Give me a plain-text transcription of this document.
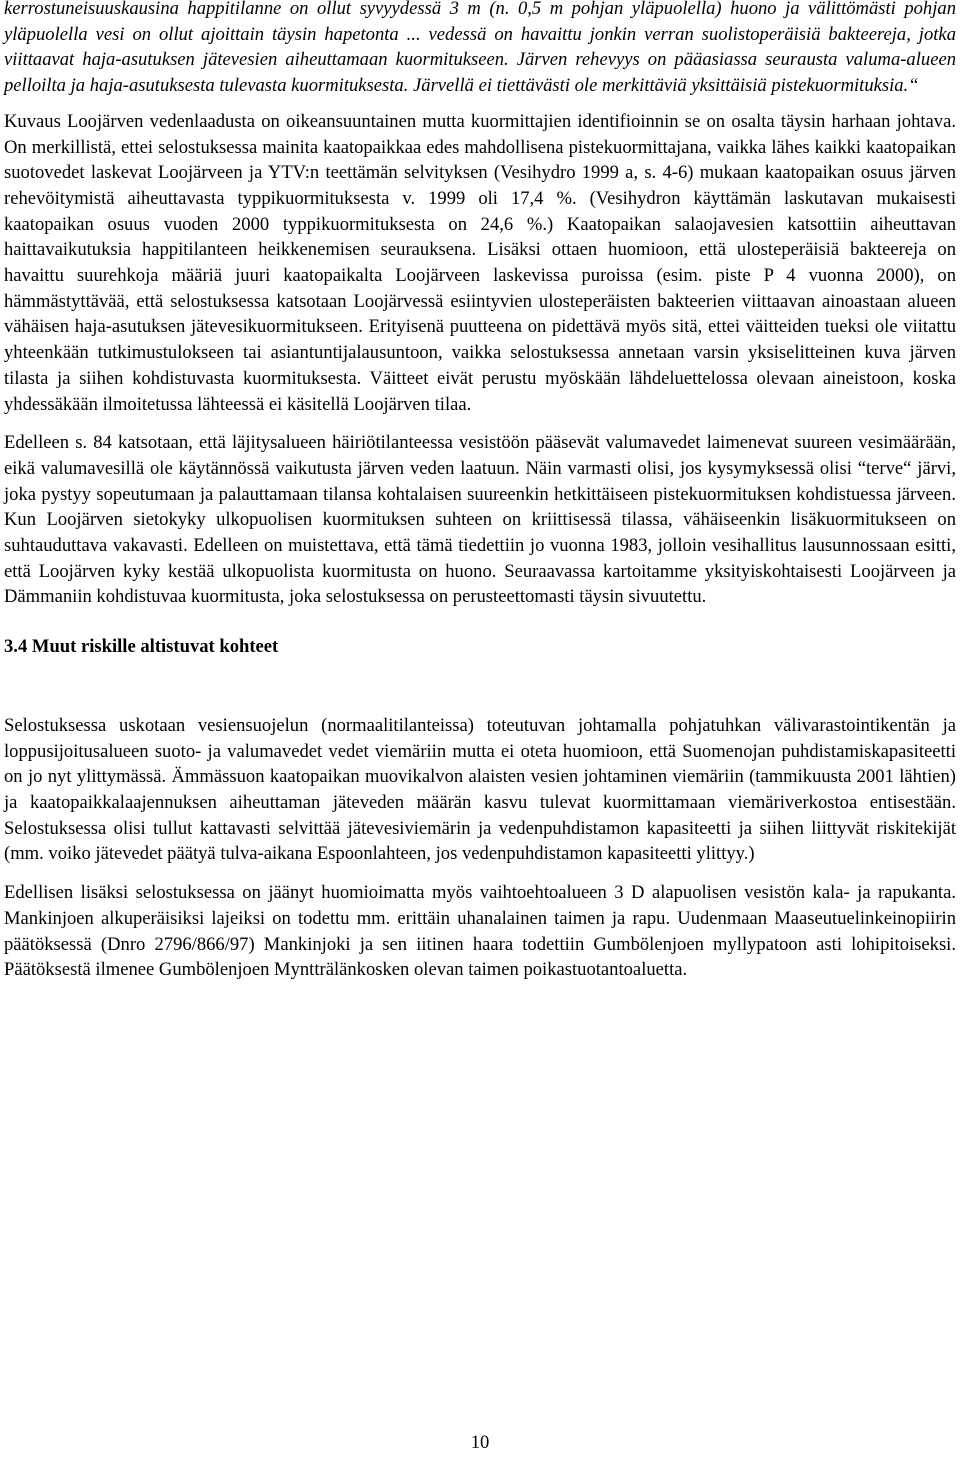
kerrostuneisuuskausina happitilanne on ollut syvyydessä 3 m (n. 0,5 m pohjan yläpuolella) huono ja välittömästi pohjan yläpuolella vesi on ollut ajoittain täysin hapetonta ... vedessä on havaittu jonkin verran suolistoperäisiä bakteereja, jotka viittaavat haja-asutuksen jätevesien aiheuttamaan kuormitukseen. Järven rehevyys on pääasiassa seurausta valuma-alueen pelloilta ja haja-asutuksesta tulevasta kuormituksesta. Järvellä ei tiettävästi ole merkittäviä yksittäisiä pistekuormituksia.“

Kuvaus Loojärven vedenlaadusta on oikeansuuntainen mutta kuormittajien identifioinnin se on osalta täysin harhaan johtava. On merkillistä, ettei selostuksessa mainita kaatopaikkaa edes mahdollisena pistekuormittajana, vaikka lähes kaikki kaatopaikan suotovedet laskevat Loojärveen ja YTV:n teettämän selvityksen (Vesihydro 1999 a, s. 4-6) mukaan kaatopaikan osuus järven rehevöitymistä aiheuttavasta typpikuormituksesta v. 1999 oli 17,4 %. (Vesihydron käyttämän laskutavan mukaisesti kaatopaikan osuus vuoden 2000 typpikuormituksesta on 24,6 %.) Kaatopaikan salaojavesien katsottiin aiheuttavan haittavaikutuksia happitilanteen heikkenemisen seurauksena. Lisäksi ottaen huomioon, että ulosteperäisiä bakteereja on havaittu suurehkoja määriä juuri kaatopaikalta Loojärveen laskevissa puroissa (esim. piste P 4 vuonna 2000), on hämmästyttävää, että selostuksessa katsotaan Loojärvessä esiintyvien ulosteperäisten bakteerien viittaavan ainoastaan alueen vähäisen haja-asutuksen jätevesikuormitukseen. Erityisenä puutteena on pidettävä myös sitä, ettei väitteiden tueksi ole viitattu yhteenkään tutkimustulokseen tai asiantuntijalausuntoon, vaikka selostuksessa annetaan varsin yksiselitteinen kuva järven tilasta ja siihen kohdistuvasta kuormituksesta. Väitteet eivät perustu myöskään lähdeluettelossa olevaan aineistoon, koska yhdessäkään ilmoitetussa lähteessä ei käsitellä Loojärven tilaa.

Edelleen s. 84 katsotaan, että läjitysalueen häiriötilanteessa vesistöön pääsevät valumavedet laimenevat suureen vesimäärään, eikä valumavesillä ole käytännössä vaikutusta järven veden laatuun. Näin varmasti olisi, jos kysymyksessä olisi “terve“ järvi, joka pystyy sopeutumaan ja palauttamaan tilansa kohtalaisen suureenkin hetkittäiseen pistekuormituksen kohdistuessa järveen. Kun Loojärven sietokyky ulkopuolisen kuormituksen suhteen on kriittisessä tilassa, vähäiseenkin lisäkuormitukseen on suhtauduttava vakavasti. Edelleen on muistettava, että tämä tiedettiin jo vuonna 1983, jolloin vesihallitus lausunnossaan esitti, että Loojärven kyky kestää ulkopuolista kuormitusta on huono. Seuraavassa kartoitamme yksityiskohtaisesti Loojärveen ja Dämmaniin kohdistuvaa kuormitusta, joka selostuksessa on perusteettomasti täysin sivuutettu.

3.4 Muut riskille altistuvat kohteet

Selostuksessa uskotaan vesiensuojelun (normaalitilanteissa) toteutuvan johtamalla pohjatuhkan välivarastointikentän ja loppusijoitusalueen suoto- ja valumavedet vedet viemäriin mutta ei oteta huomioon, että Suomenojan puhdistamiskapasiteetti on jo nyt ylittymässä. Ämmässuon kaatopaikan muovikalvon alaisten vesien johtaminen viemäriin (tammikuusta 2001 lähtien) ja kaatopaikkalaajennuksen aiheuttaman jäteveden määrän kasvu tulevat kuormittamaan viemäriverkostoa entisestään. Selostuksessa olisi tullut kattavasti selvittää jätevesiviemärin ja vedenpuhdistamon kapasiteetti ja siihen liittyvät riskitekijät (mm. voiko jätevedet päätyä tulva-aikana Espoonlahteen, jos vedenpuhdistamon kapasiteetti ylittyy.)

Edellisen lisäksi selostuksessa on jäänyt huomioimatta myös vaihtoehtoalueen 3 D alapuolisen vesistön kala- ja rapukanta. Mankinjoen alkuperäisiksi lajeiksi on todettu mm. erittäin uhanalainen taimen ja rapu. Uudenmaan Maaseutuelinkeinopiirin päätöksessä (Dnro 2796/866/97) Mankinjoki ja sen iitinen haara todettiin Gumbölenjoen myllypatoon asti lohipitoiseksi. Päätöksestä ilmenee Gumbölenjoen Myntträlänkosken olevan taimen poikastuotantoaluetta.

10
